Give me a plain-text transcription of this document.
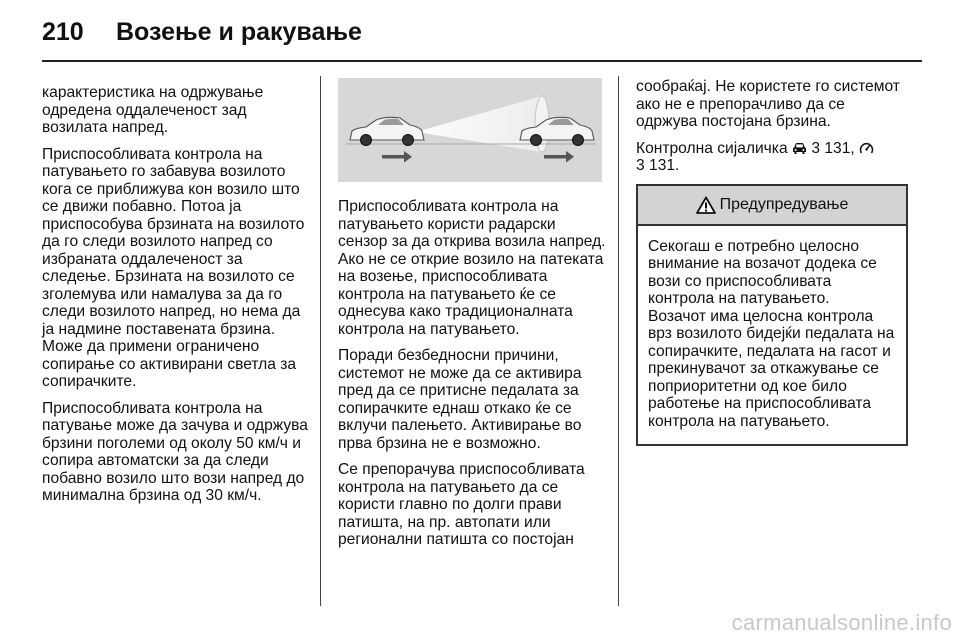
210 Возење и ракување

карактеристика на одржување одредена оддалеченост зад возилата напред.

Приспособливата контрола на патувањето го забавува возилото кога се приближува кон возило што се движи побавно. Потоа ја приспособува брзината на возилото да го следи возилото напред со избраната оддалеченост за следење. Брзината на возилото се зголемува или намалува за да го следи возилото напред, но нема да ја надмине поставената брзина. Може да примени ограничено сопирање со активирани светла за сопирачките.

Приспособливата контрола на патување може да зачува и одржува брзини поголеми од околу 50 км/ч и сопира автоматски за да следи побавно возило што вози напред до минимална брзина од 30 км/ч.

Приспособливата контрола на патувањето користи радарски сензор за да открива возила напред. Ако не се открие возило на патеката на возење, приспособливата контрола на патувањето ќе се однесува како традиционалната контрола на патувањето.

Поради безбедносни причини, системот не може да се активира пред да се притисне педалата за сопирачките еднаш откако ќе се вклучи палењето. Активирање во прва брзина не е возможно.

Се препорачува приспособливата контрола на патувањето да се користи главно по долги прави патишта, на пр. автопати или регионални патишта со постојан

сообраќај. Не користете го системот ако не е препорачливо да се одржува постојана брзина.

Контролна сијаличка 3 131,
3 131.

Предупредување

Секогаш е потребно целосно внимание на возачот додека се вози со приспособливата контрола на патувањето.

Возачот има целосна контрола врз возилото бидејќи педалата на сопирачките, педалата на гасот и прекинувачот за откажување се поприоритетни од кое било работење на приспособливата контрола на патувањето.

carmanualsonline.info
